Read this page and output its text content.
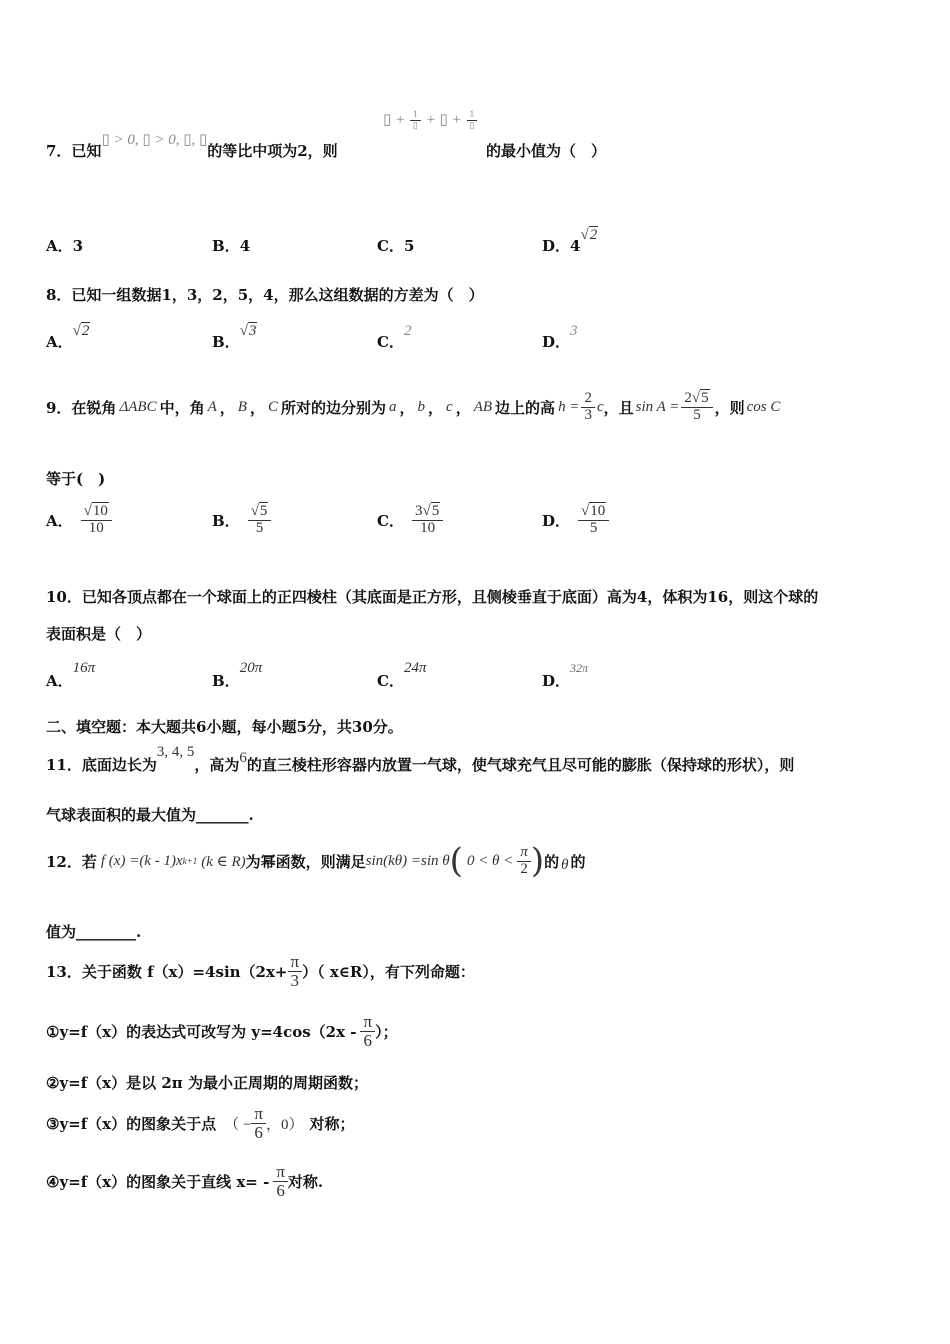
7．已知▯ > 0, ▯ > 0, ▯, ▯的等比中项为2，则
▯ + $\frac{1}{▯}$ + ▯ + $\frac{1}{▯}$
的最小值为（　）
A．3	B．4	C．5	D．4√2
8．已知一组数据1，3，2，5，4，那么这组数据的方差为（　）
A．√2
B．√3
C．2
D．3
9．在锐角 ΔABC 中，角 A ， B ， C 所对的边分别为 a ， b ， c ， AB 边上的高 $h = \frac{2}{3}$ c ，且 $\sin A = \frac{2√5}{5}$ ，则 cos C
等于(　)
A． $\frac{√10}{10}$	B． $\frac{√5}{5}$	C． $\frac{3√5}{10}$	D． $\frac{√10}{5}$
10．已知各顶点都在一个球面上的正四棱柱（其底面是正方形，且侧棱垂直于底面）高为4，体积为16，则这个球的
表面积是（　）
A．16π
B．20π
C．24π
D．$^{32\pi}$
二、填空题：本大题共6小题，每小题5分，共30分。
11．底面边长为3, 4, 5，高为6的直三棱柱形容器内放置一气球，使气球充气且尽可能的膨胀（保持球的形状），则
气球表面积的最大值为_______.
12．若 f (x) =(k - 1)x k+1 (k ∈ R) 为幂函数，则满足 sin(kθ) =sin θ ( $0 < \theta < \frac{\pi}{2}$ ) 的 θ 的
值为________.
13．关于函数 $f(x)=4\sin(2x+ \frac{\pi}{3}$ ）（ x∈R），有下列命题：
①y=f（x）的表达式可改写为 $y=4\cos(2x - \frac{\pi}{6}$ ）；
②y=f（x）是以 2π 为最小正周期的周期函数；
③y=f（x）的图象关于点 （ − $\frac{\pi}{6}$ ，0） 对称；
④y=f（x）的图象关于直线 $x= - \frac{\pi}{6}$ 对称.
